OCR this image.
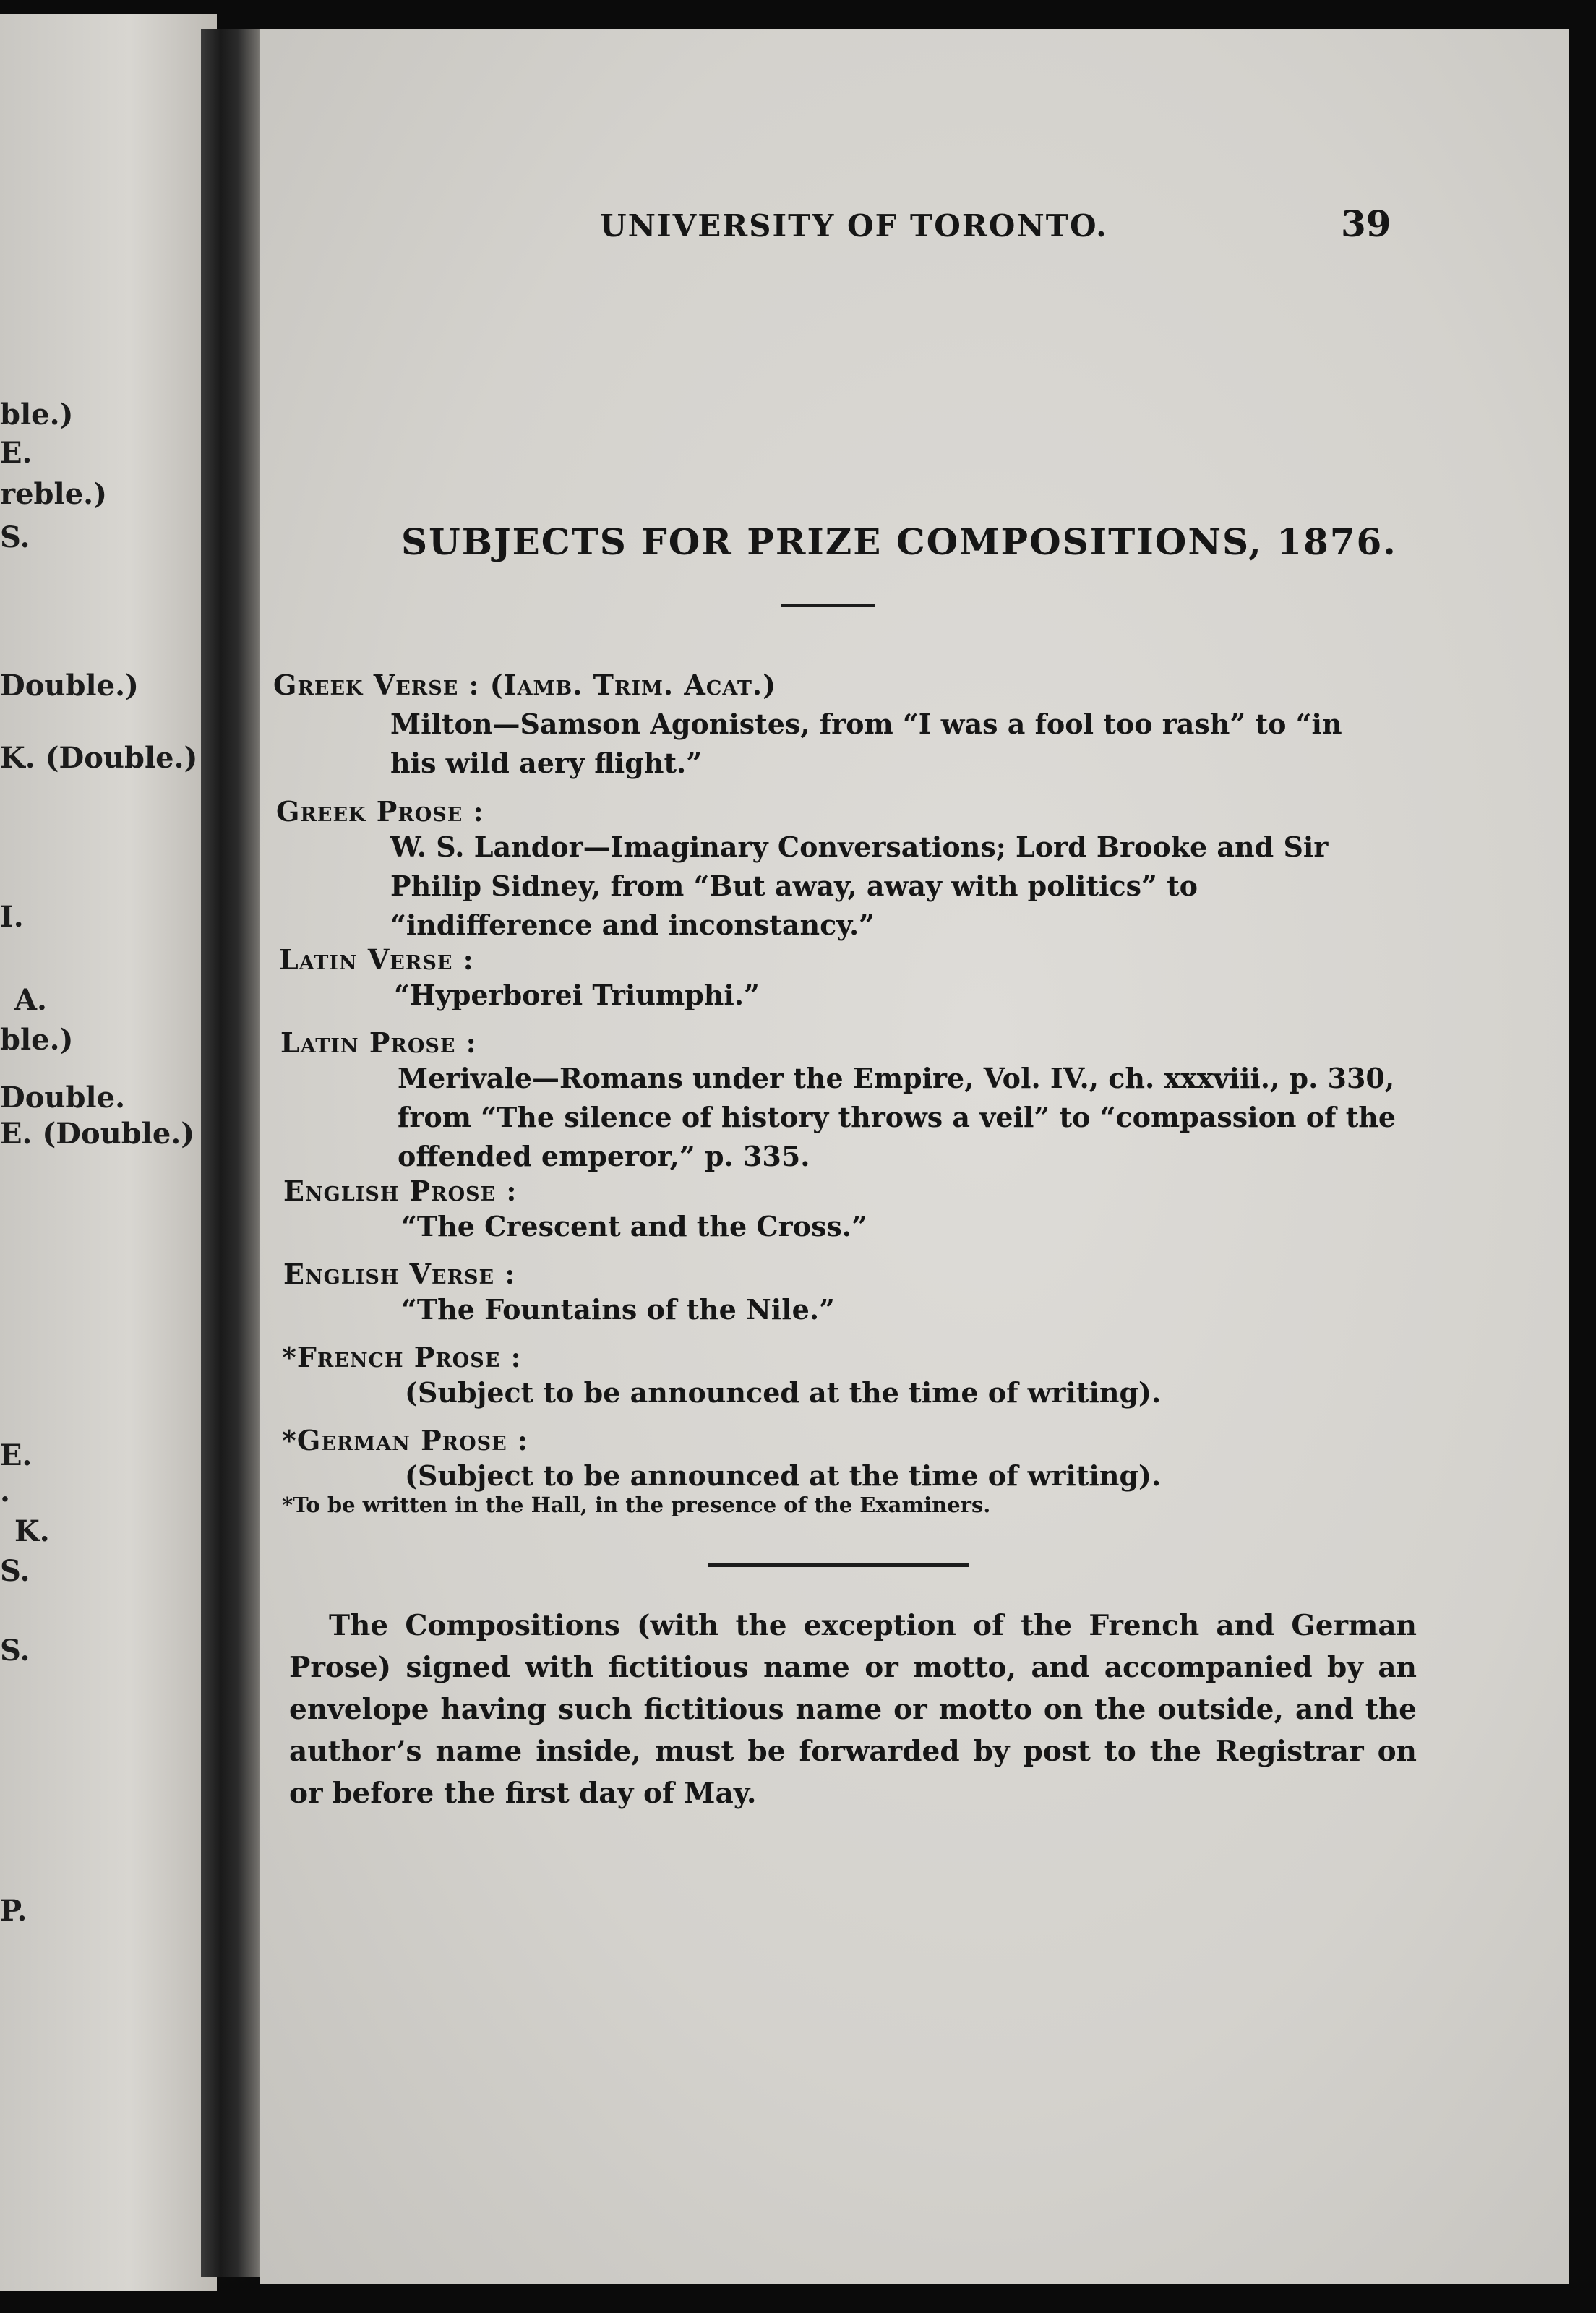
ble.)
E.
reble.)
S.
Double.)
K. (Double.)
I.
A.
ble.)
Double.
E. (Double.)
E.
.
K.
S.
S.
P.
UNIVERSITY OF TORONTO.	39
SUBJECTS FOR PRIZE COMPOSITIONS, 1876.
Greek Verse : (Iamb. Trim. Acat.)
Milton—Samson Agonistes, from “I was a fool too rash” to “in his wild aery flight.”
Greek Prose :
W. S. Landor—Imaginary Conversations; Lord Brooke and Sir Philip Sidney, from “But away, away with politics” to “indifference and inconstancy.”
Latin Verse :
“Hyperborei Triumphi.”
Latin Prose :
Merivale—Romans under the Empire, Vol. IV., ch. xxxviii., p. 330, from “The silence of history throws a veil” to “compassion of the offended emperor,” p. 335.
English Prose :
“The Crescent and the Cross.”
English Verse :
“The Fountains of the Nile.”
*French Prose :
(Subject to be announced at the time of writing).
*German Prose :
(Subject to be announced at the time of writing).
*To be written in the Hall, in the presence of the Examiners.
The Compositions (with the exception of the French and German Prose) signed with fictitious name or motto, and accompanied by an envelope having such fictitious name or motto on the outside, and the author’s name inside, must be forwarded by post to the Registrar on or before the first day of May.
